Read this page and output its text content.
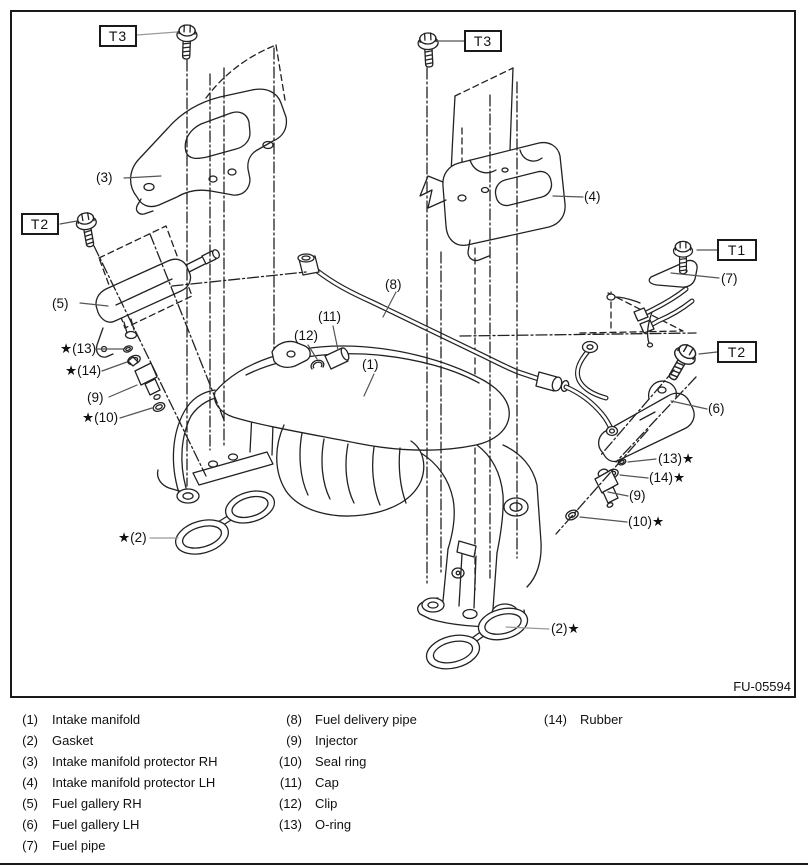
T3	T3
T2
T1
T2
(3)
(4)
(5)
(7)
(8)
(11)
(12)
(1)
★(13)
★(14)
(9)
★(10)
(6)
(13)★
(14)★
(9)
(10)★
★(2)
(2)★
FU-05594
(1) Intake manifold
(2) Gasket
(3) Intake manifold protector RH
(4) Intake manifold protector LH
(5) Fuel gallery RH
(6) Fuel gallery LH
(7) Fuel pipe
(8) Fuel delivery pipe
(9) Injector
(10) Seal ring
(11) Cap
(12) Clip
(13) O-ring
(14) Rubber
